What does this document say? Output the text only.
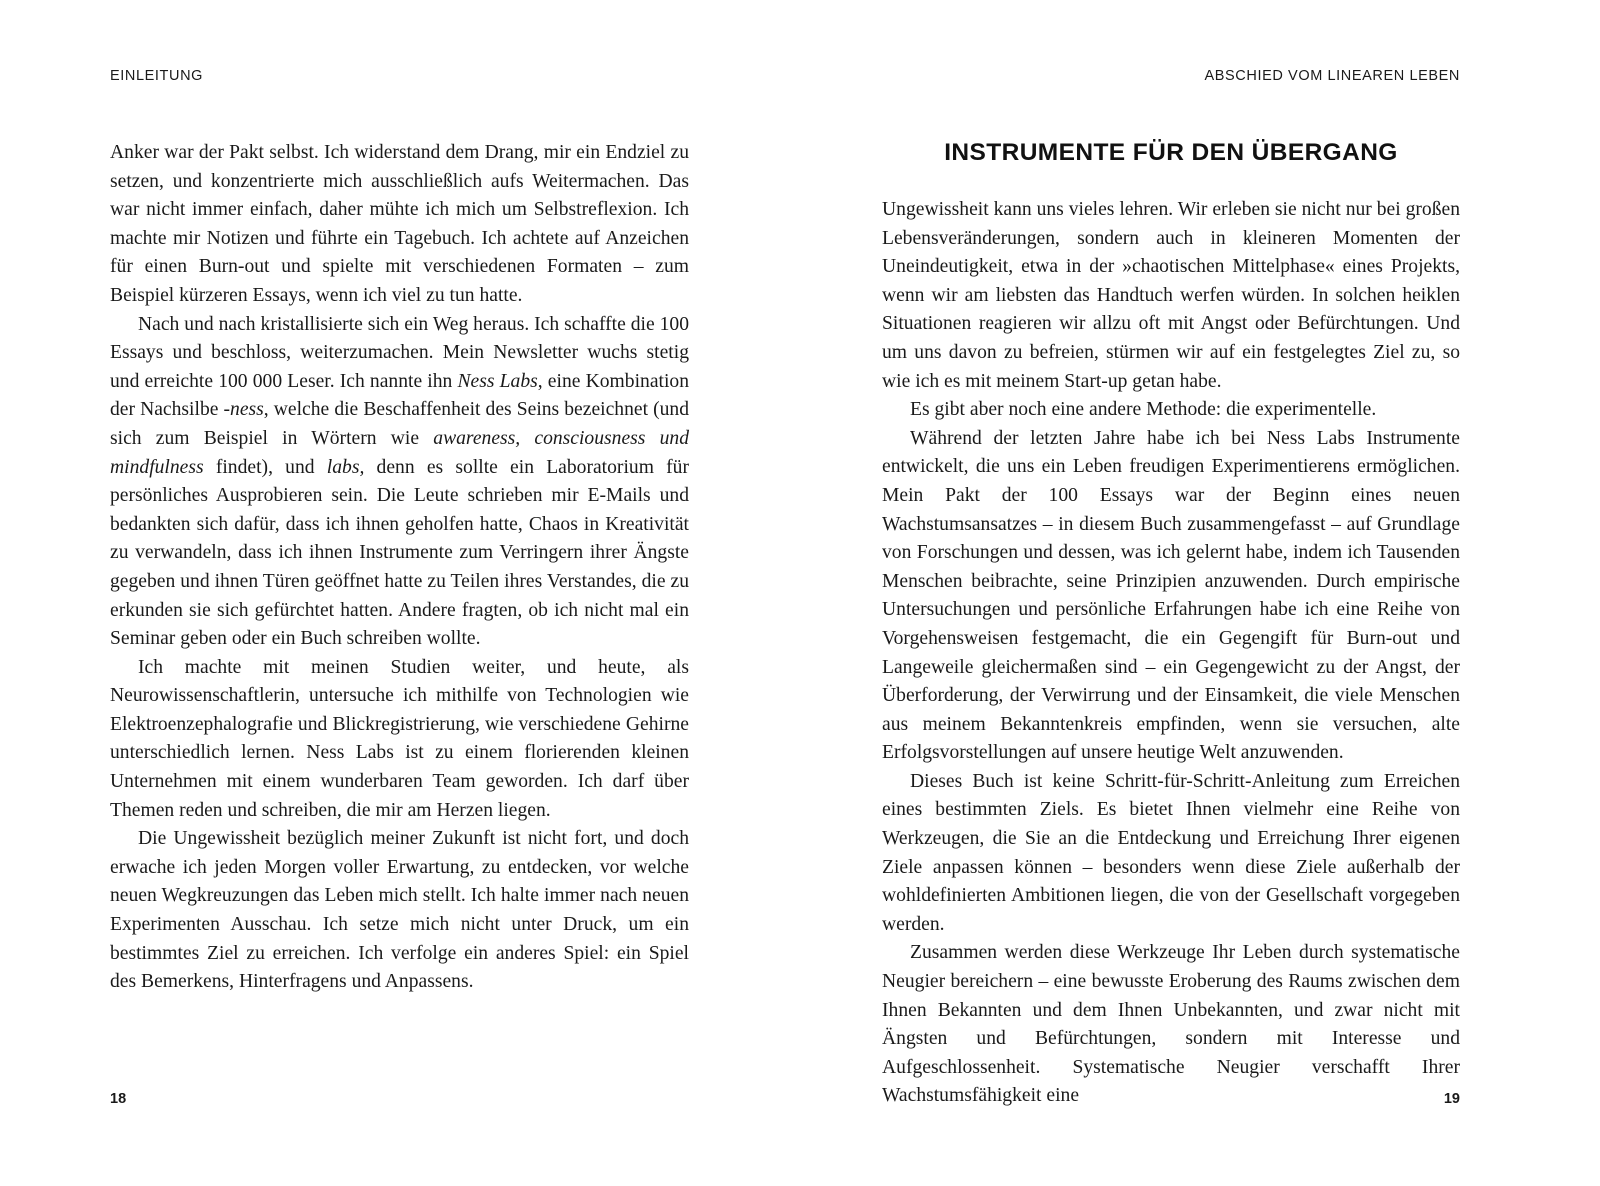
EINLEITUNG

Anker war der Pakt selbst. Ich widerstand dem Drang, mir ein Endziel zu setzen, und konzentrierte mich ausschließlich aufs Weitermachen. Das war nicht immer einfach, daher mühte ich mich um Selbstreflexion. Ich machte mir Notizen und führte ein Tagebuch. Ich achtete auf Anzeichen für einen Burn-out und spielte mit verschiedenen Formaten – zum Beispiel kürzeren Essays, wenn ich viel zu tun hatte.

Nach und nach kristallisierte sich ein Weg heraus. Ich schaffte die 100 Essays und beschloss, weiterzumachen. Mein Newsletter wuchs stetig und erreichte 100 000 Leser. Ich nannte ihn Ness Labs, eine Kombination der Nachsilbe -ness, welche die Beschaffenheit des Seins bezeichnet (und sich zum Beispiel in Wörtern wie awareness, consciousness und mindfulness findet), und labs, denn es sollte ein Laboratorium für persönliches Ausprobieren sein. Die Leute schrieben mir E-Mails und bedankten sich dafür, dass ich ihnen geholfen hatte, Chaos in Kreativität zu verwandeln, dass ich ihnen Instrumente zum Verringern ihrer Ängste gegeben und ihnen Türen geöffnet hatte zu Teilen ihres Verstandes, die zu erkunden sie sich gefürchtet hatten. Andere fragten, ob ich nicht mal ein Seminar geben oder ein Buch schreiben wollte.

Ich machte mit meinen Studien weiter, und heute, als Neurowissenschaftlerin, untersuche ich mithilfe von Technologien wie Elektroenzephalografie und Blickregistrierung, wie verschiedene Gehirne unterschiedlich lernen. Ness Labs ist zu einem florierenden kleinen Unternehmen mit einem wunderbaren Team geworden. Ich darf über Themen reden und schreiben, die mir am Herzen liegen.

Die Ungewissheit bezüglich meiner Zukunft ist nicht fort, und doch erwache ich jeden Morgen voller Erwartung, zu entdecken, vor welche neuen Wegkreuzungen das Leben mich stellt. Ich halte immer nach neuen Experimenten Ausschau. Ich setze mich nicht unter Druck, um ein bestimmtes Ziel zu erreichen. Ich verfolge ein anderes Spiel: ein Spiel des Bemerkens, Hinterfragens und Anpassens.

18
ABSCHIED VOM LINEAREN LEBEN
INSTRUMENTE FÜR DEN ÜBERGANG

Ungewissheit kann uns vieles lehren. Wir erleben sie nicht nur bei großen Lebensveränderungen, sondern auch in kleineren Momenten der Uneindeutigkeit, etwa in der »chaotischen Mittelphase« eines Projekts, wenn wir am liebsten das Handtuch werfen würden. In solchen heiklen Situationen reagieren wir allzu oft mit Angst oder Befürchtungen. Und um uns davon zu befreien, stürmen wir auf ein festgelegtes Ziel zu, so wie ich es mit meinem Start-up getan habe.

Es gibt aber noch eine andere Methode: die experimentelle.

Während der letzten Jahre habe ich bei Ness Labs Instrumente entwickelt, die uns ein Leben freudigen Experimentierens ermöglichen. Mein Pakt der 100 Essays war der Beginn eines neuen Wachstumsansatzes – in diesem Buch zusammengefasst – auf Grundlage von Forschungen und dessen, was ich gelernt habe, indem ich Tausenden Menschen beibrachte, seine Prinzipien anzuwenden. Durch empirische Untersuchungen und persönliche Erfahrungen habe ich eine Reihe von Vorgehensweisen festgemacht, die ein Gegengift für Burn-out und Langeweile gleichermaßen sind – ein Gegengewicht zu der Angst, der Überforderung, der Verwirrung und der Einsamkeit, die viele Menschen aus meinem Bekanntenkreis empfinden, wenn sie versuchen, alte Erfolgsvorstellungen auf unsere heutige Welt anzuwenden.

Dieses Buch ist keine Schritt-für-Schritt-Anleitung zum Erreichen eines bestimmten Ziels. Es bietet Ihnen vielmehr eine Reihe von Werkzeugen, die Sie an die Entdeckung und Erreichung Ihrer eigenen Ziele anpassen können – besonders wenn diese Ziele außerhalb der wohldefinierten Ambitionen liegen, die von der Gesellschaft vorgegeben werden.

Zusammen werden diese Werkzeuge Ihr Leben durch systematische Neugier bereichern – eine bewusste Eroberung des Raums zwischen dem Ihnen Bekannten und dem Ihnen Unbekannten, und zwar nicht mit Ängsten und Befürchtungen, sondern mit Interesse und Aufgeschlossenheit. Systematische Neugier verschafft Ihrer Wachstumsfähigkeit eine	19
